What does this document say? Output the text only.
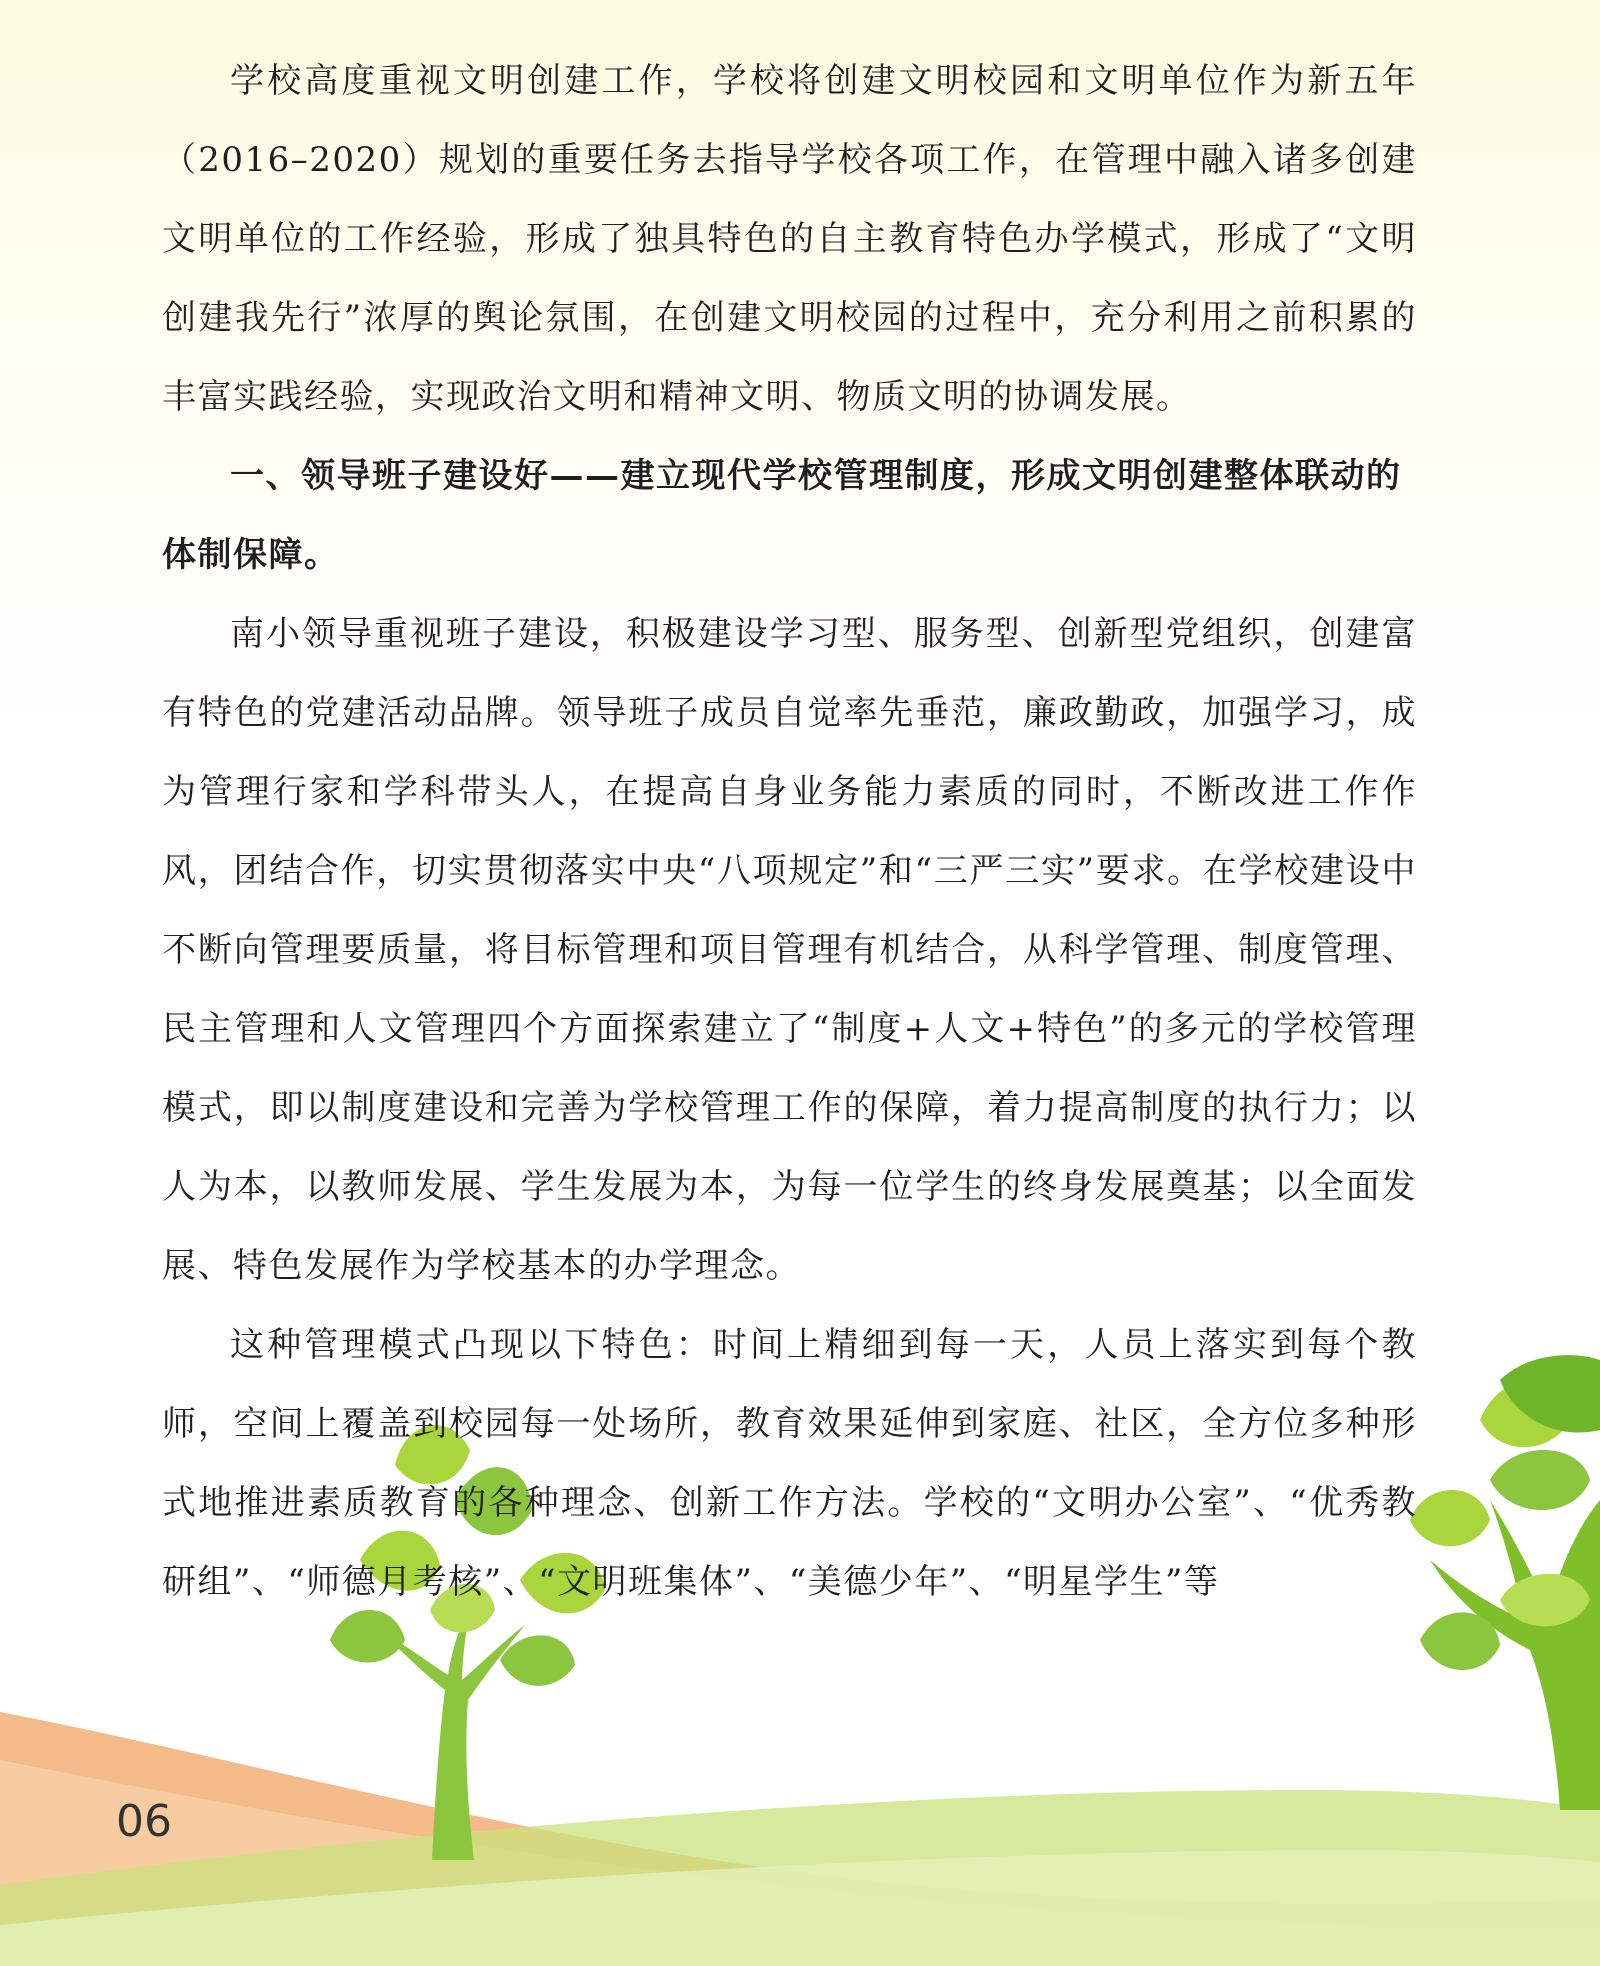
学校高度重视文明创建工作，学校将创建文明校园和文明单位作为新五年（2016–2020）规划的重要任务去指导学校各项工作，在管理中融入诸多创建文明单位的工作经验，形成了独具特色的自主教育特色办学模式，形成了“文明创建我先行”浓厚的舆论氛围，在创建文明校园的过程中，充分利用之前积累的丰富实践经验，实现政治文明和精神文明、物质文明的协调发展。

一、领导班子建设好——建立现代学校管理制度，形成文明创建整体联动的体制保障。

南小领导重视班子建设，积极建设学习型、服务型、创新型党组织，创建富有特色的党建活动品牌。领导班子成员自觉率先垂范，廉政勤政，加强学习，成为管理行家和学科带头人，在提高自身业务能力素质的同时，不断改进工作作风，团结合作，切实贯彻落实中央“八项规定”和“三严三实”要求。在学校建设中不断向管理要质量，将目标管理和项目管理有机结合，从科学管理、制度管理、民主管理和人文管理四个方面探索建立了“制度+人文+特色”的多元的学校管理模式，即以制度建设和完善为学校管理工作的保障，着力提高制度的执行力；以人为本，以教师发展、学生发展为本，为每一位学生的终身发展奠基；以全面发展、特色发展作为学校基本的办学理念。

这种管理模式凸现以下特色：时间上精细到每一天，人员上落实到每个教师，空间上覆盖到校园每一处场所，教育效果延伸到家庭、社区，全方位多种形式地推进素质教育的各种理念、创新工作方法。学校的“文明办公室”、“优秀教研组”、“师德月考核”、“文明班集体”、“美德少年”、“明星学生”等

06
